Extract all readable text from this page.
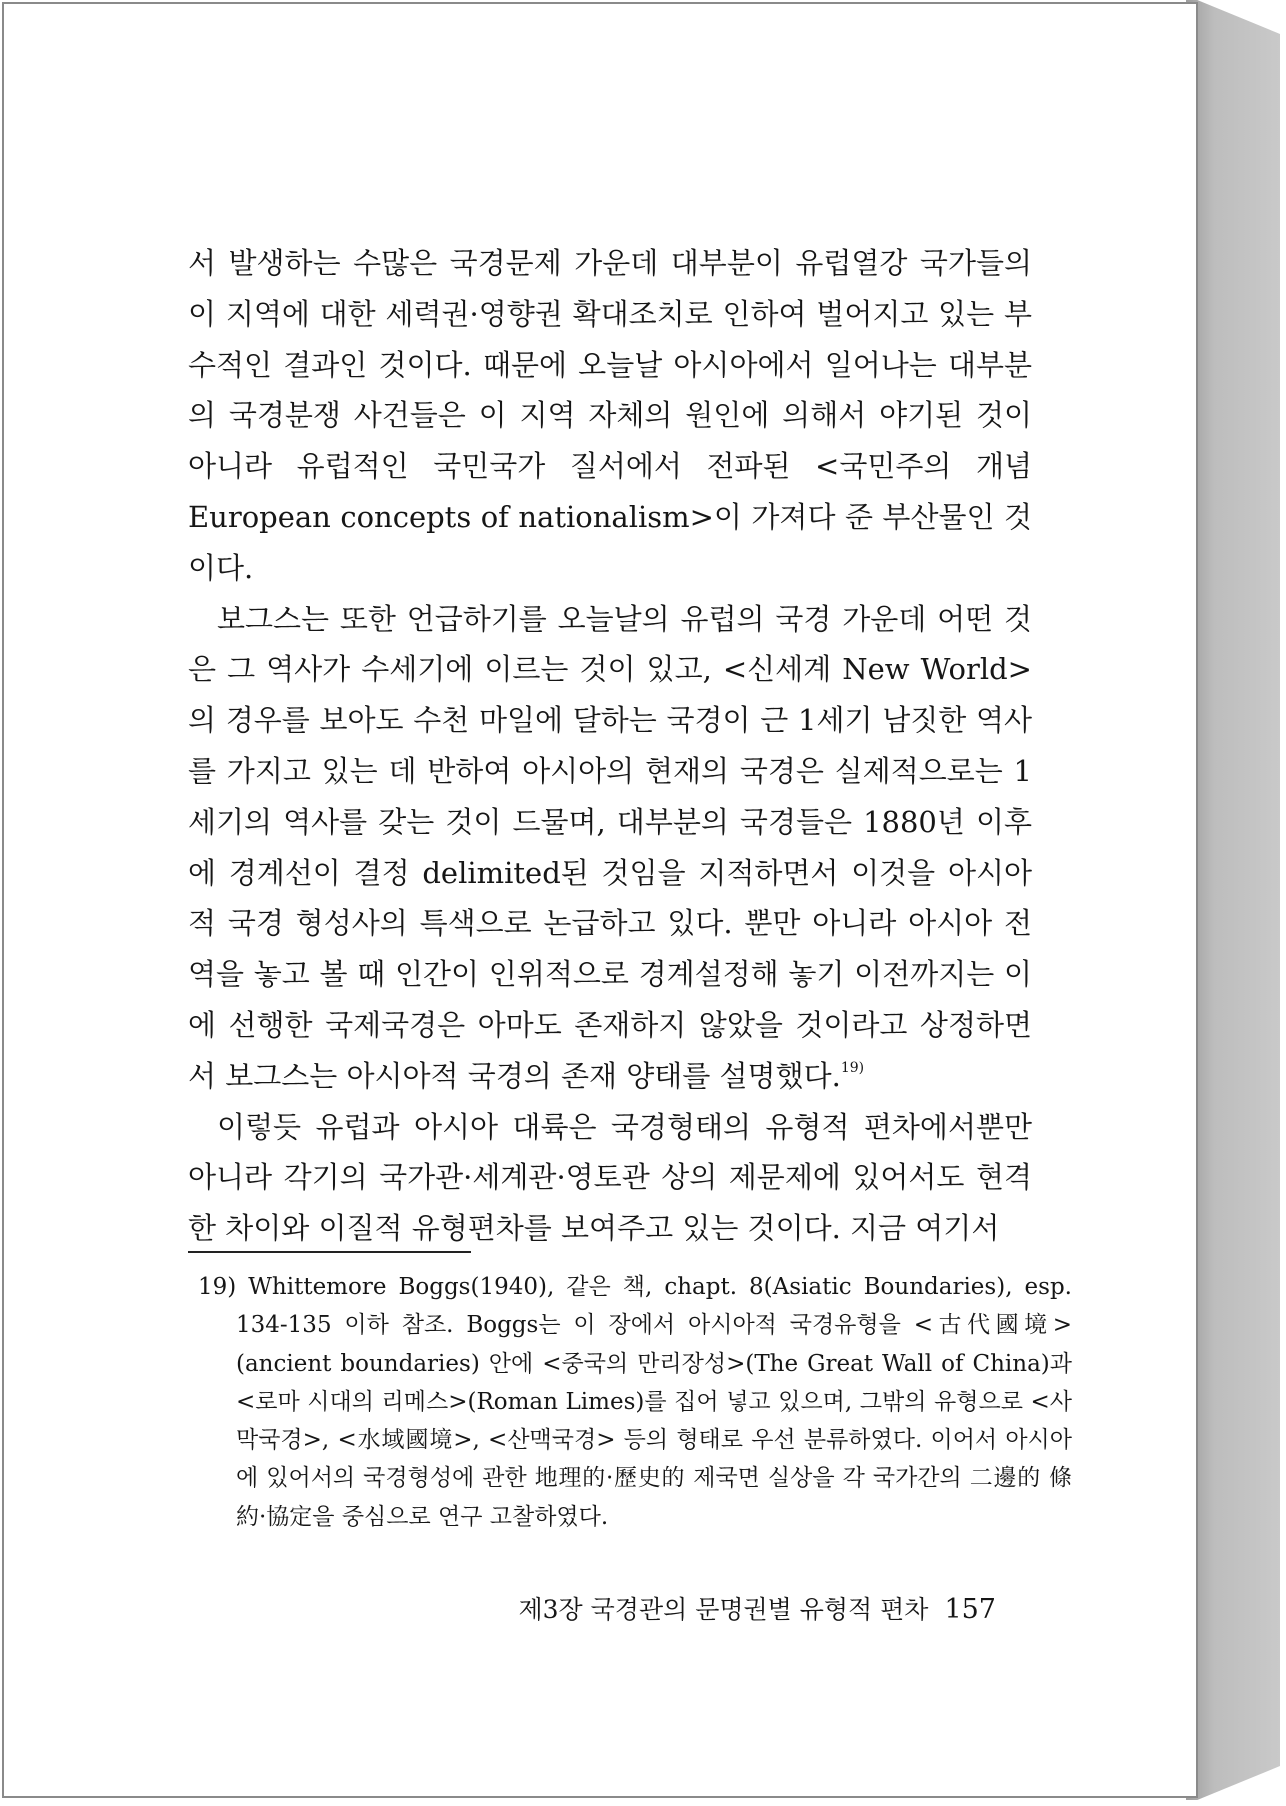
서 발생하는 수많은 국경문제 가운데 대부분이 유럽열강 국가들의 이 지역에 대한 세력권·영향권 확대조치로 인하여 벌어지고 있는 부수적인 결과인 것이다. 때문에 오늘날 아시아에서 일어나는 대부분의 국경분쟁 사건들은 이 지역 자체의 원인에 의해서 야기된 것이 아니라 유럽적인 국민국가 질서에서 전파된 <국민주의 개념 European concepts of nationalism>이 가져다 준 부산물인 것이다.

보그스는 또한 언급하기를 오늘날의 유럽의 국경 가운데 어떤 것은 그 역사가 수세기에 이르는 것이 있고, <신세계 New World>의 경우를 보아도 수천 마일에 달하는 국경이 근 1세기 남짓한 역사를 가지고 있는 데 반하여 아시아의 현재의 국경은 실제적으로는 1세기의 역사를 갖는 것이 드물며, 대부분의 국경들은 1880년 이후에 경계선이 결정 delimited된 것임을 지적하면서 이것을 아시아적 국경 형성사의 특색으로 논급하고 있다. 뿐만 아니라 아시아 전역을 놓고 볼 때 인간이 인위적으로 경계설정해 놓기 이전까지는 이에 선행한 국제국경은 아마도 존재하지 않았을 것이라고 상정하면서 보그스는 아시아적 국경의 존재 양태를 설명했다.$^{19)}$

이렇듯 유럽과 아시아 대륙은 국경형태의 유형적 편차에서뿐만 아니라 각기의 국가관·세계관·영토관 상의 제문제에 있어서도 현격한 차이와 이질적 유형편차를 보여주고 있는 것이다. 지금 여기서

19) Whittemore Boggs(1940), 같은 책, chapt. 8(Asiatic Boundaries), esp. 134-135 이하 참조. Boggs는 이 장에서 아시아적 국경유형을 <古代國境>(ancient boundaries) 안에 <중국의 만리장성>(The Great Wall of China)과 <로마 시대의 리메스>(Roman Limes)를 집어 넣고 있으며, 그밖의 유형으로 <사막국경>, <水域國境>, <산맥국경> 등의 형태로 우선 분류하였다. 이어서 아시아에 있어서의 국경형성에 관한 地理的·歷史的 제국면 실상을 각 국가간의 二邊的 條約·協定을 중심으로 연구 고찰하였다.
제3장 국경관의 문명권별 유형적 편차 157
